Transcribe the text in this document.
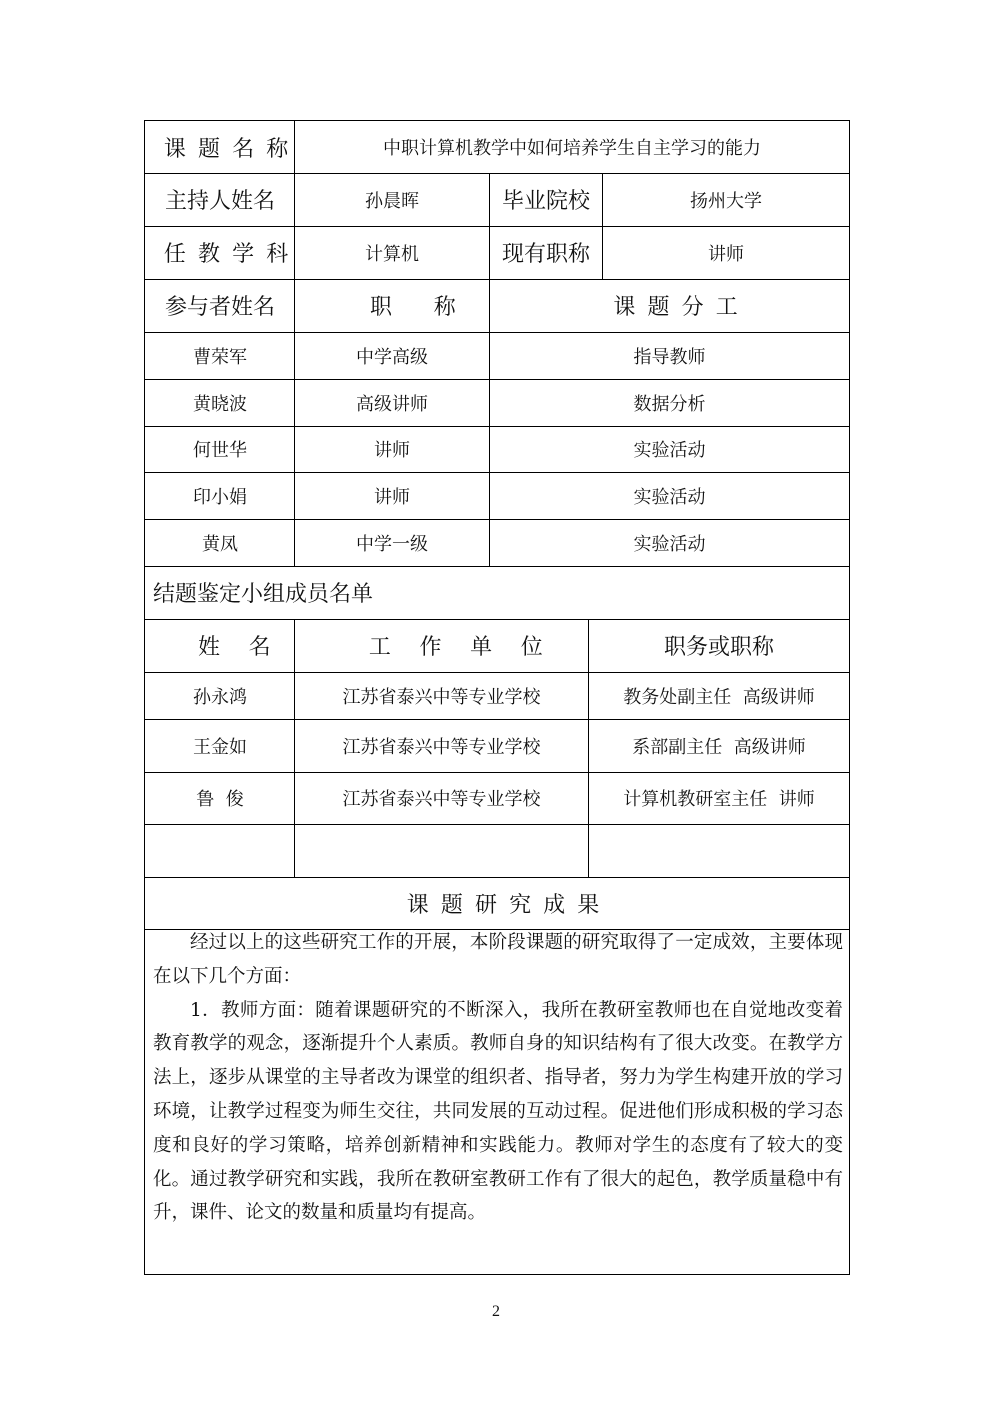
课题名称	中职计算机教学中如何培养学生自主学习的能力
主持人姓名	孙晨晖	毕业院校	扬州大学
任教学科	计算机	现有职称	讲师
参与者姓名	职称	课题分工
曹荣军	中学高级	指导教师
黄晓波	高级讲师	数据分析
何世华	讲师	实验活动
印小娟	讲师	实验活动
黄凤	中学一级	实验活动
结题鉴定小组成员名单
姓名	工作单位	职务或职称
孙永鸿	江苏省泰兴中等专业学校	教务处副主任  高级讲师
王金如	江苏省泰兴中等专业学校	系部副主任  高级讲师
鲁  俊	江苏省泰兴中等专业学校	计算机教研室主任  讲师
课题研究成果

经过以上的这些研究工作的开展，本阶段课题的研究取得了一定成效，主要体现在以下几个方面：

1．教师方面：随着课题研究的不断深入，我所在教研室教师也在自觉地改变着教育教学的观念，逐渐提升个人素质。教师自身的知识结构有了很大改变。在教学方法上，逐步从课堂的主导者改为课堂的组织者、指导者，努力为学生构建开放的学习环境，让教学过程变为师生交往，共同发展的互动过程。促进他们形成积极的学习态度和良好的学习策略，培养创新精神和实践能力。教师对学生的态度有了较大的变化。通过教学研究和实践，我所在教研室教研工作有了很大的起色，教学质量稳中有升，课件、论文的数量和质量均有提高。

2
